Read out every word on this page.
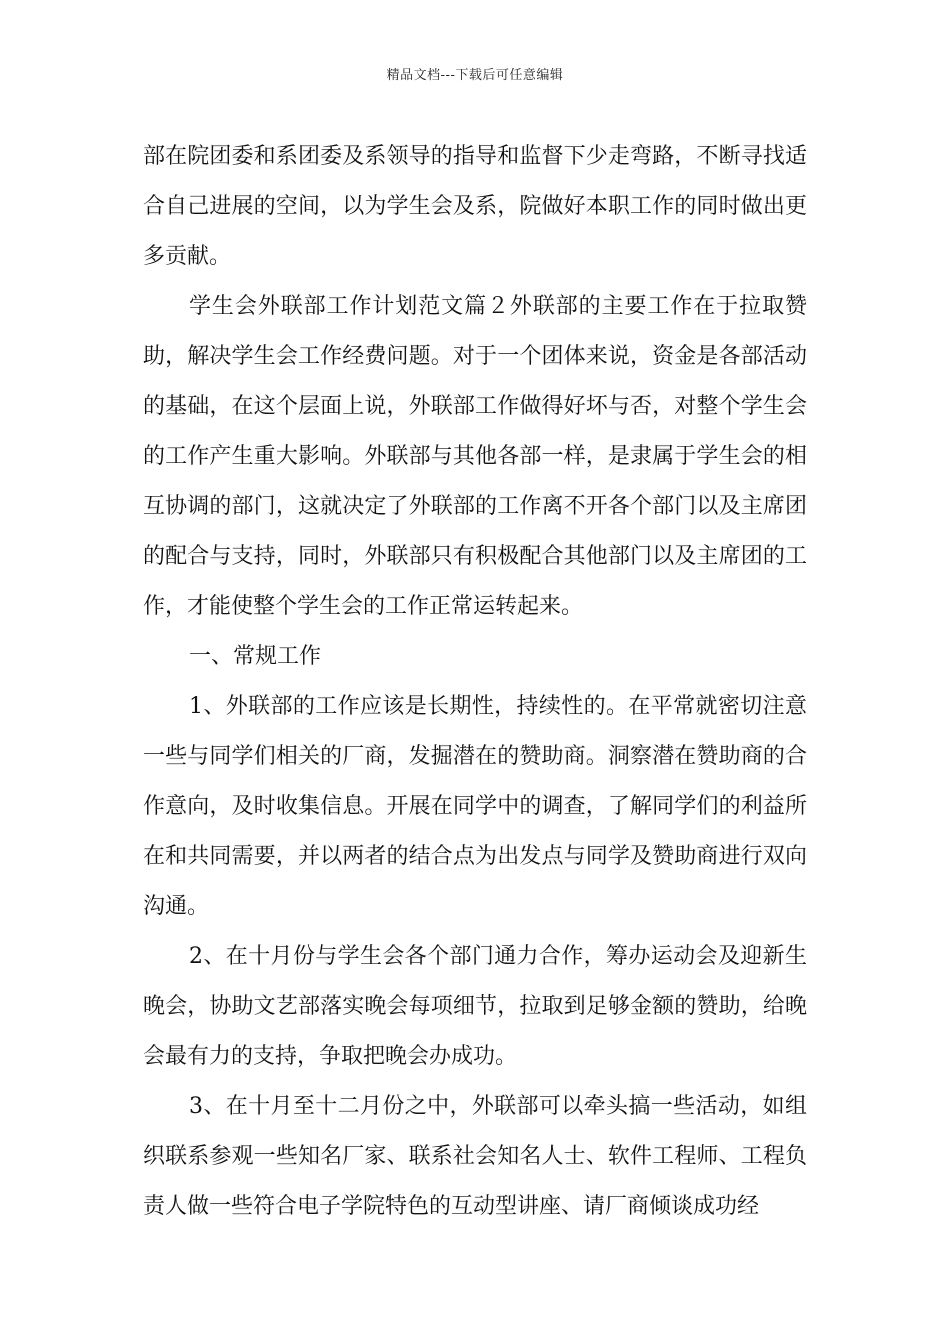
精品文档---下载后可任意编辑

部在院团委和系团委及系领导的指导和监督下少走弯路，不断寻找适合自己进展的空间，以为学生会及系，院做好本职工作的同时做出更多贡献。

学生会外联部工作计划范文篇２外联部的主要工作在于拉取赞助，解决学生会工作经费问题。对于一个团体来说，资金是各部活动的基础，在这个层面上说，外联部工作做得好坏与否，对整个学生会的工作产生重大影响。外联部与其他各部一样，是隶属于学生会的相互协调的部门，这就决定了外联部的工作离不开各个部门以及主席团的配合与支持，同时，外联部只有积极配合其他部门以及主席团的工作，才能使整个学生会的工作正常运转起来。

一、常规工作

1、外联部的工作应该是长期性，持续性的。在平常就密切注意一些与同学们相关的厂商，发掘潜在的赞助商。洞察潜在赞助商的合作意向，及时收集信息。开展在同学中的调查，了解同学们的利益所在和共同需要，并以两者的结合点为出发点与同学及赞助商进行双向沟通。

2、在十月份与学生会各个部门通力合作，筹办运动会及迎新生晚会，协助文艺部落实晚会每项细节，拉取到足够金额的赞助，给晚会最有力的支持，争取把晚会办成功。

3、在十月至十二月份之中，外联部可以牵头搞一些活动，如组织联系参观一些知名厂家、联系社会知名人士、软件工程师、工程负责人做一些符合电子学院特色的互动型讲座、请厂商倾谈成功经
